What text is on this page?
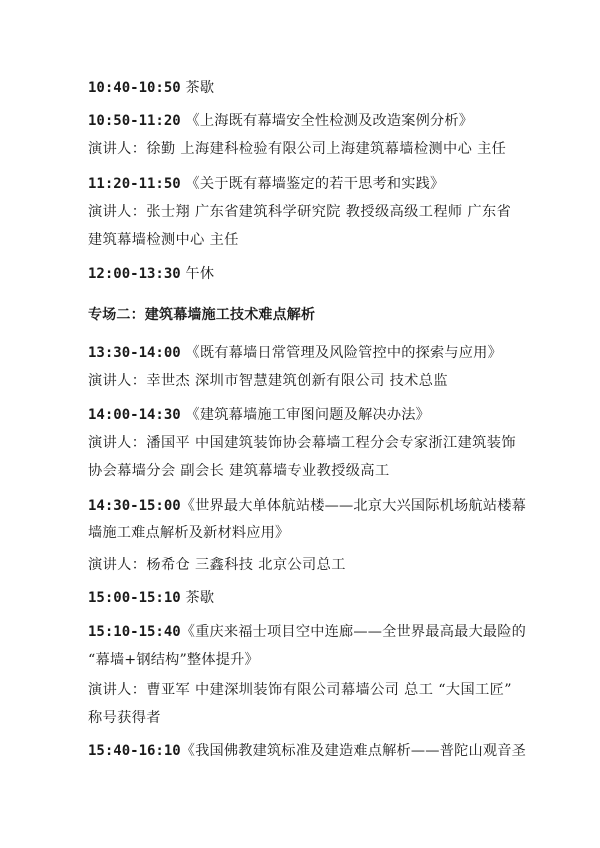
10:40-10:50 茶歇
10:50-11:20 《上海既有幕墙安全性检测及改造案例分析》
演讲人：徐勤 上海建科检验有限公司上海建筑幕墙检测中心 主任
11:20-11:50 《关于既有幕墙鉴定的若干思考和实践》
演讲人：张士翔 广东省建筑科学研究院 教授级高级工程师 广东省
建筑幕墙检测中心 主任
12:00-13:30 午休
专场二：建筑幕墙施工技术难点解析
13:30-14:00 《既有幕墙日常管理及风险管控中的探索与应用》
演讲人：幸世杰 深圳市智慧建筑创新有限公司 技术总监
14:00-14:30 《建筑幕墙施工审图问题及解决办法》
演讲人：潘国平 中国建筑装饰协会幕墙工程分会专家浙江建筑装饰
协会幕墙分会 副会长 建筑幕墙专业教授级高工
14:30-15:00《世界最大单体航站楼——北京大兴国际机场航站楼幕
墙施工难点解析及新材料应用》
演讲人：杨希仓 三鑫科技 北京公司总工
15:00-15:10 茶歇
15:10-15:40《重庆来福士项目空中连廊——全世界最高最大最险的
“幕墙+钢结构”整体提升》
演讲人：曹亚军 中建深圳装饰有限公司幕墙公司 总工 “大国工匠”
称号获得者
15:40-16:10《我国佛教建筑标准及建造难点解析——普陀山观音圣
